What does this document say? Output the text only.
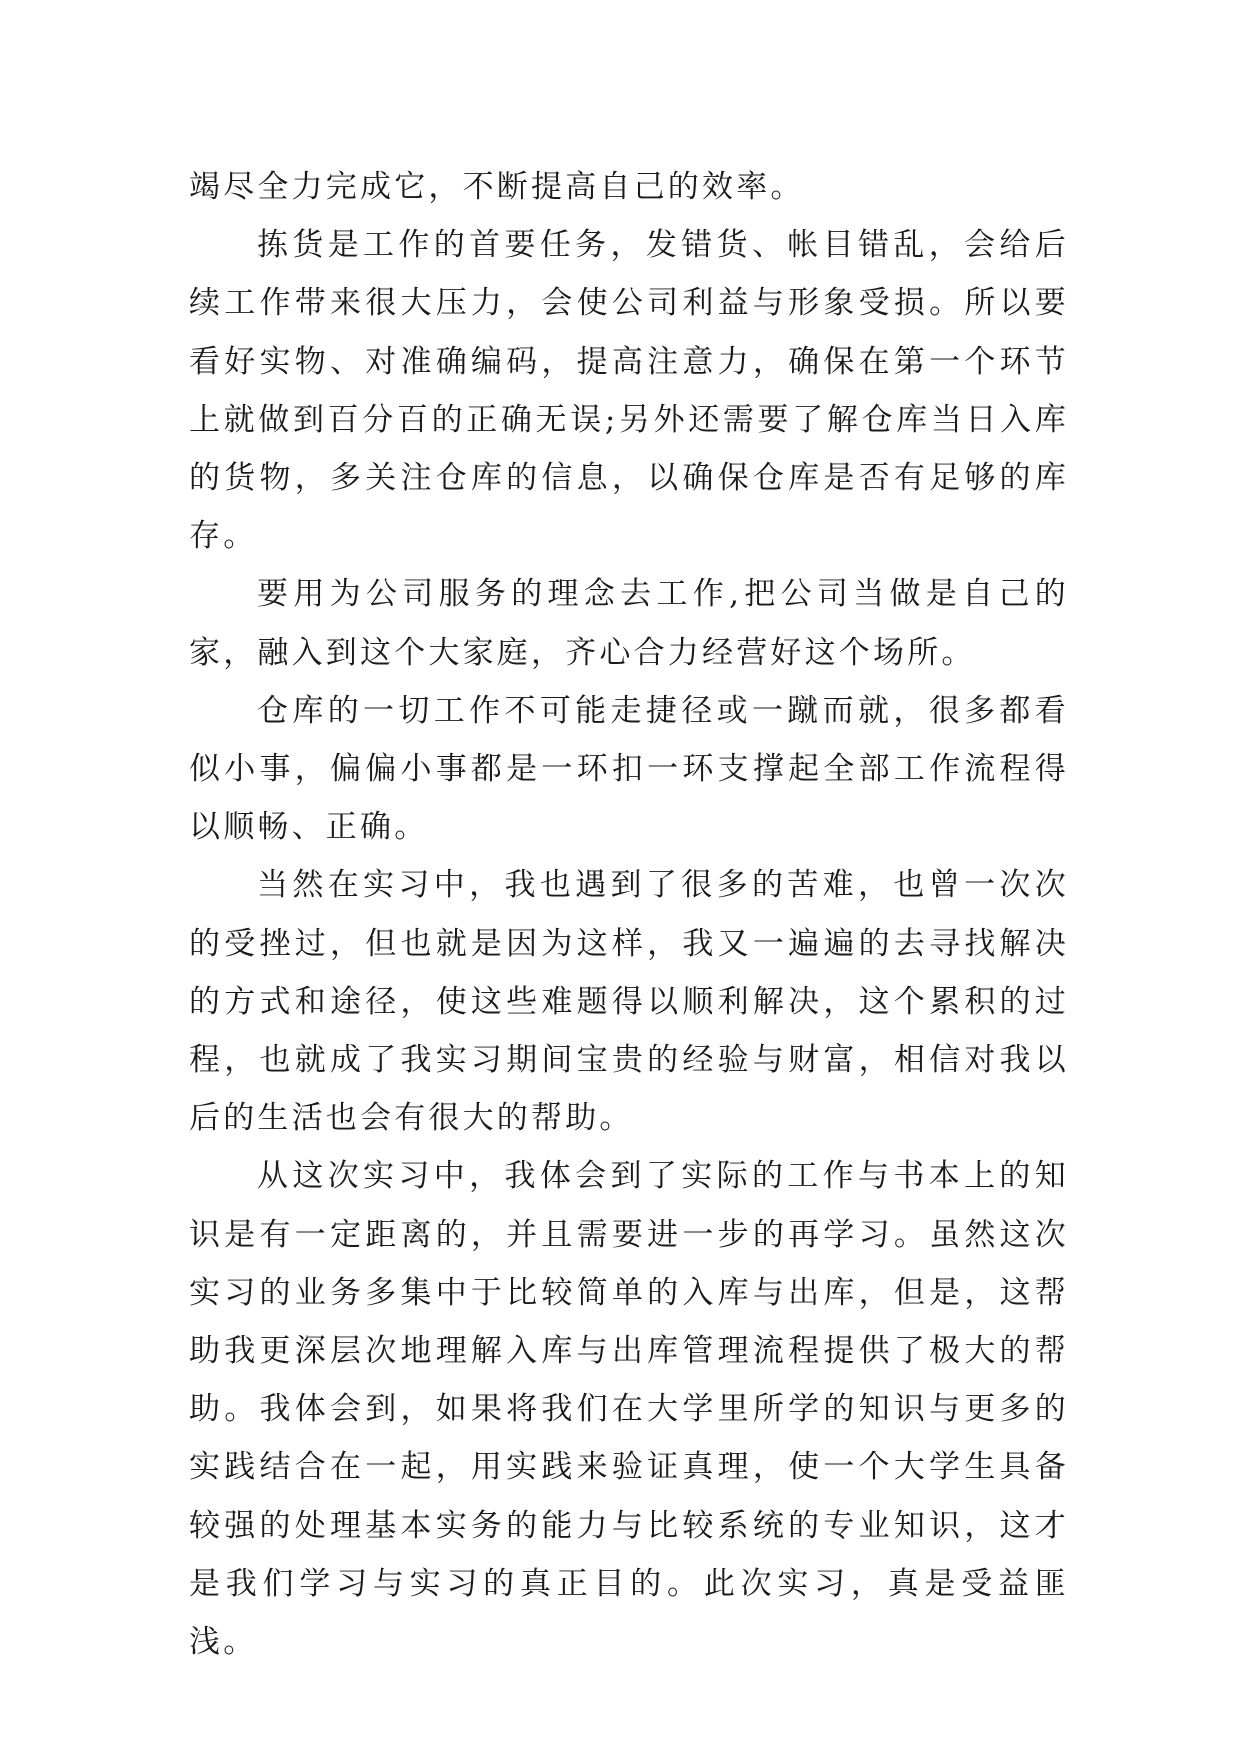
竭尽全力完成它，不断提高自己的效率。

拣货是工作的首要任务，发错货、帐目错乱，会给后续工作带来很大压力，会使公司利益与形象受损。所以要看好实物、对准确编码，提高注意力，确保在第一个环节上就做到百分百的正确无误;另外还需要了解仓库当日入库的货物，多关注仓库的信息，以确保仓库是否有足够的库存。

要用为公司服务的理念去工作,把公司当做是自己的家，融入到这个大家庭，齐心合力经营好这个场所。

仓库的一切工作不可能走捷径或一蹴而就，很多都看似小事，偏偏小事都是一环扣一环支撑起全部工作流程得以顺畅、正确。

当然在实习中，我也遇到了很多的苦难，也曾一次次的受挫过，但也就是因为这样，我又一遍遍的去寻找解决的方式和途径，使这些难题得以顺利解决，这个累积的过程，也就成了我实习期间宝贵的经验与财富，相信对我以后的生活也会有很大的帮助。

从这次实习中，我体会到了实际的工作与书本上的知识是有一定距离的，并且需要进一步的再学习。虽然这次实习的业务多集中于比较简单的入库与出库，但是，这帮助我更深层次地理解入库与出库管理流程提供了极大的帮助。我体会到，如果将我们在大学里所学的知识与更多的实践结合在一起，用实践来验证真理，使一个大学生具备较强的处理基本实务的能力与比较系统的专业知识，这才是我们学习与实习的真正目的。此次实习，真是受益匪浅。
